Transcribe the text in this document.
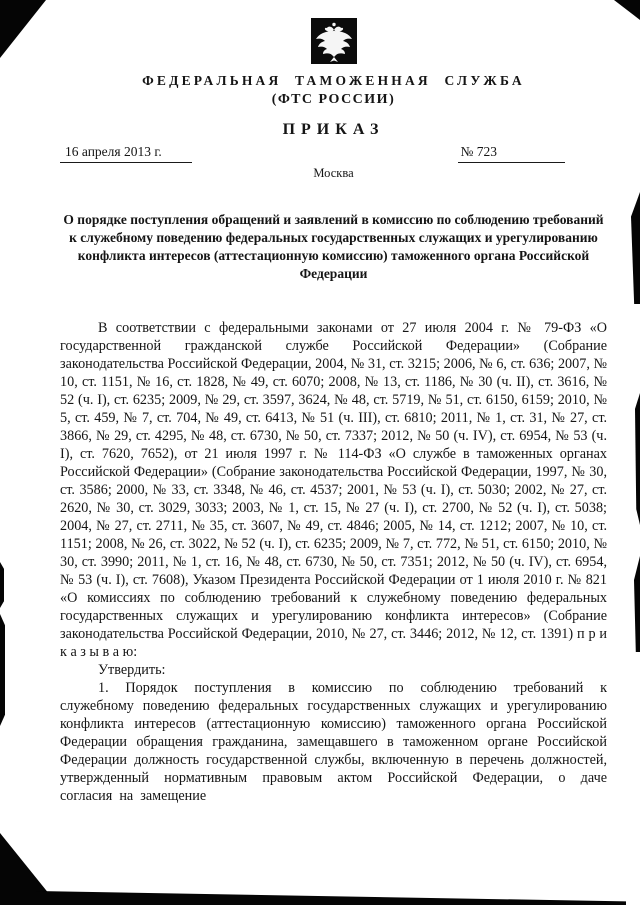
ФЕДЕРАЛЬНАЯ ТАМОЖЕННАЯ СЛУЖБА
(ФТС РОССИИ)
ПРИКАЗ
16 апреля 2013 г.	№ 723
Москва
О порядке поступления обращений и заявлений в комиссию по соблюдению требований к служебному поведению федеральных государственных служащих и урегулированию конфликта интересов (аттестационную комиссию) таможенного органа Российской Федерации

В соответствии с федеральными законами от 27 июля 2004 г. № 79-ФЗ «О государственной гражданской службе Российской Федерации» (Собрание законодательства Российской Федерации, 2004, № 31, ст. 3215; 2006, № 6, ст. 636; 2007, № 10, ст. 1151, № 16, ст. 1828, № 49, ст. 6070; 2008, № 13, ст. 1186, № 30 (ч. II), ст. 3616, № 52 (ч. I), ст. 6235; 2009, № 29, ст. 3597, 3624, № 48, ст. 5719, № 51, ст. 6150, 6159; 2010, № 5, ст. 459, № 7, ст. 704, № 49, ст. 6413, № 51 (ч. III), ст. 6810; 2011, № 1, ст. 31, № 27, ст. 3866, № 29, ст. 4295, № 48, ст. 6730, № 50, ст. 7337; 2012, № 50 (ч. IV), ст. 6954, № 53 (ч. I), ст. 7620, 7652), от 21 июля 1997 г. № 114-ФЗ «О службе в таможенных органах Российской Федерации» (Собрание законодательства Российской Федерации, 1997, № 30, ст. 3586; 2000, № 33, ст. 3348, № 46, ст. 4537; 2001, № 53 (ч. I), ст. 5030; 2002, № 27, ст. 2620, № 30, ст. 3029, 3033; 2003, № 1, ст. 15, № 27 (ч. I), ст. 2700, № 52 (ч. I), ст. 5038; 2004, № 27, ст. 2711, № 35, ст. 3607, № 49, ст. 4846; 2005, № 14, ст. 1212; 2007, № 10, ст. 1151; 2008, № 26, ст. 3022, № 52 (ч. I), ст. 6235; 2009, № 7, ст. 772, № 51, ст. 6150; 2010, № 30, ст. 3990; 2011, № 1, ст. 16, № 48, ст. 6730, № 50, ст. 7351; 2012, № 50 (ч. IV), ст. 6954, № 53 (ч. I), ст. 7608), Указом Президента Российской Федерации от 1 июля 2010 г. № 821 «О комиссиях по соблюдению требований к служебному поведению федеральных государственных служащих и урегулированию конфликта интересов» (Собрание законодательства Российской Федерации, 2010, № 27, ст. 3446; 2012, № 12, ст. 1391) п р и к а з ы в а ю:

Утвердить:

1. Порядок поступления в комиссию по соблюдению требований к служебному поведению федеральных государственных служащих и урегулированию конфликта интересов (аттестационную комиссию) таможенного органа Российской Федерации обращения гражданина, замещавшего в таможенном органе Российской Федерации должность государственной службы, включенную в перечень должностей, утвержденный нормативным правовым актом Российской Федерации, о даче согласия на замещение
